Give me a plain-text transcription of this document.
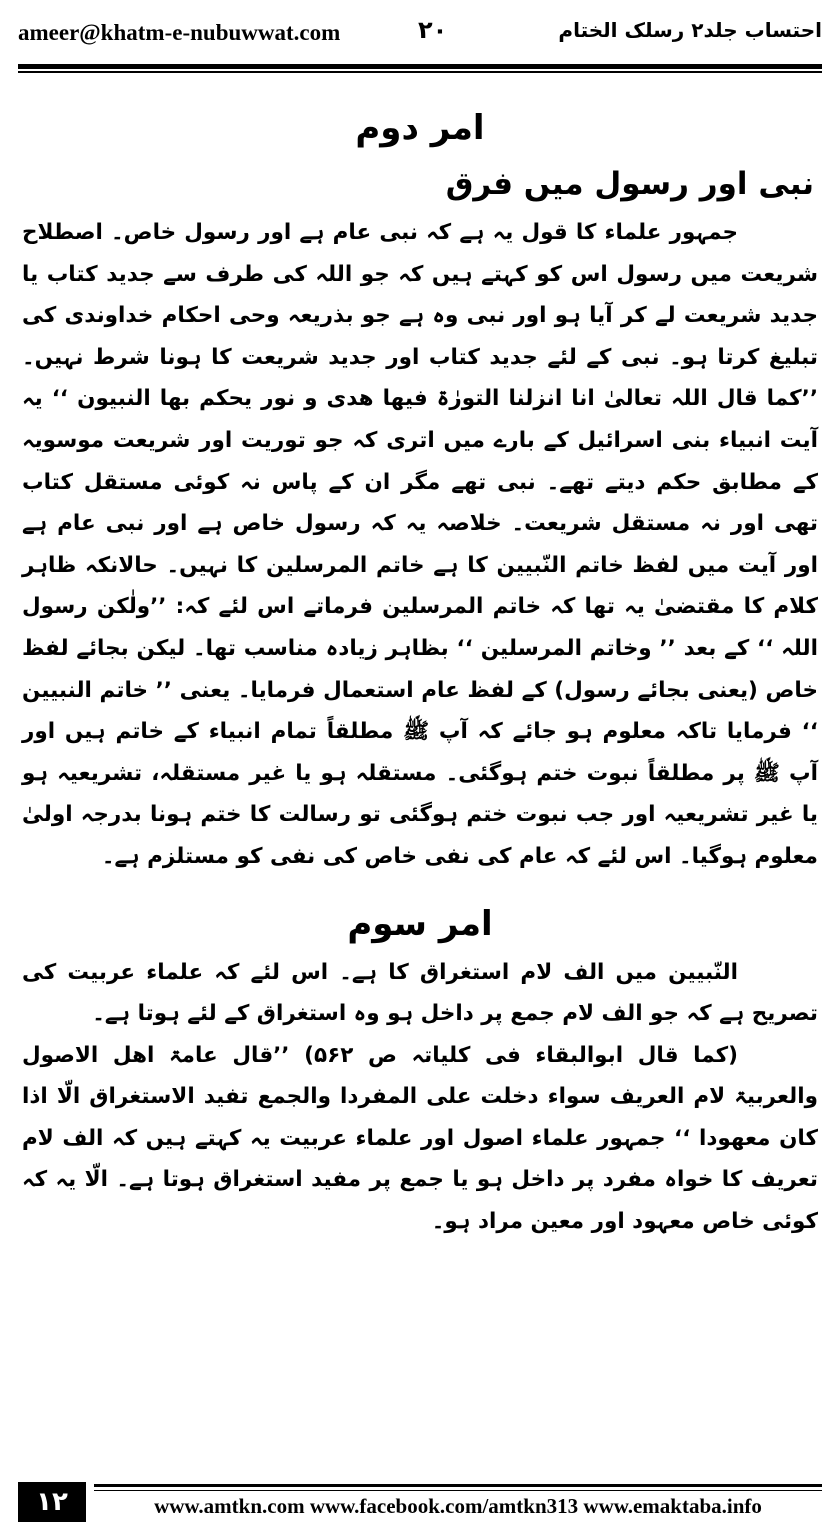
ameer@khatm-e-nubuwwat.com	۲۰	احتساب جلد۲ رسلک الختام
امر دوم
نبی اور رسول میں فرق

جمہور علماء کا قول یہ ہے کہ نبی عام ہے اور رسول خاص۔ اصطلاح شریعت میں رسول اس کو کہتے ہیں کہ جو اللہ کی طرف سے جدید کتاب یا جدید شریعت لے کر آیا ہو اور نبی وہ ہے جو بذریعہ وحی احکام خداوندی کی تبلیغ کرتا ہو۔ نبی کے لئے جدید کتاب اور جدید شریعت کا ہونا شرط نہیں۔ ’’کما قال اللہ تعالیٰ انا انزلنا التورٰۃ فیھا ھدی و نور یحکم بھا النبیون ‘‘ یہ آیت انبیاء بنی اسرائیل کے بارے میں اتری کہ جو توریت اور شریعت موسویہ کے مطابق حکم دیتے تھے۔ نبی تھے مگر ان کے پاس نہ کوئی مستقل کتاب تھی اور نہ مستقل شریعت۔ خلاصہ یہ کہ رسول خاص ہے اور نبی عام ہے اور آیت میں لفظ خاتم النّبیین کا ہے خاتم المرسلین کا نہیں۔ حالانکہ ظاہر کلام کا مقتضیٰ یہ تھا کہ خاتم المرسلین فرماتے اس لئے کہ: ’’ولٰکن رسول اللہ ‘‘ کے بعد ’’ وخاتم المرسلین ‘‘ بظاہر زیادہ مناسب تھا۔ لیکن بجائے لفظ خاص (یعنی بجائے رسول) کے لفظ عام استعمال فرمایا۔ یعنی ’’ خاتم النبیین ‘‘ فرمایا تاکہ معلوم ہو جائے کہ آپ ﷺ مطلقاً تمام انبیاء کے خاتم ہیں اور آپ ﷺ پر مطلقاً نبوت ختم ہوگئی۔ مستقلہ ہو یا غیر مستقلہ، تشریعیہ ہو یا غیر تشریعیہ اور جب نبوت ختم ہوگئی تو رسالت کا ختم ہونا بدرجہ اولیٰ معلوم ہوگیا۔ اس لئے کہ عام کی نفی خاص کی نفی کو مستلزم ہے۔

امر سوم

النّبیین میں الف لام استغراق کا ہے۔ اس لئے کہ علماء عربیت کی تصریح ہے کہ جو الف لام جمع پر داخل ہو وہ استغراق کے لئے ہوتا ہے۔

(کما قال ابوالبقاء فی کلیاتہ ص ۵۶۲) ’’قال عامۃ اھل الاصول والعربیۃ لام العریف سواء دخلت علی المفردا والجمع تفید الاستغراق الّا اذا کان معھودا ‘‘ جمہور علماء اصول اور علماء عربیت یہ کہتے ہیں کہ الف لام تعریف کا خواہ مفرد پر داخل ہو یا جمع پر مفید استغراق ہوتا ہے۔ الّا یہ کہ کوئی خاص معہود اور معین مراد ہو۔

۱۲	www.amtkn.com www.facebook.com/amtkn313 www.emaktaba.info
